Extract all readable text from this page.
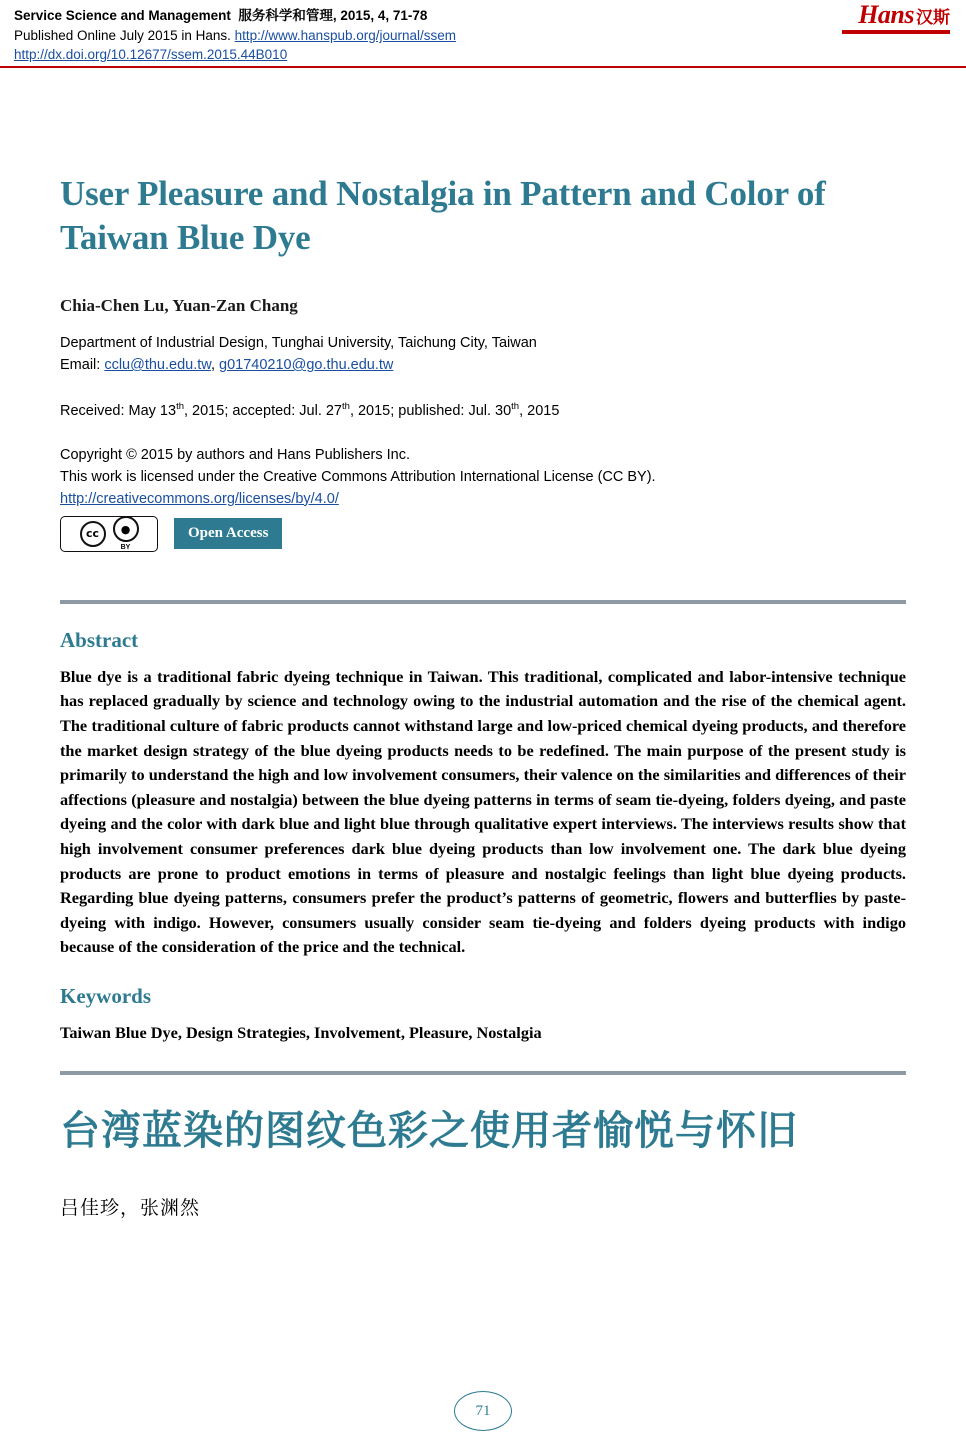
Hans 汉斯
Service Science and Management 服务科学和管理, 2015, 4, 71-78
Published Online July 2015 in Hans. http://www.hanspub.org/journal/ssem
http://dx.doi.org/10.12677/ssem.2015.44B010
User Pleasure and Nostalgia in Pattern and Color of Taiwan Blue Dye
Chia-Chen Lu, Yuan-Zan Chang
Department of Industrial Design, Tunghai University, Taichung City, Taiwan
Email: cclu@thu.edu.tw, g01740210@go.thu.edu.tw
Received: May 13th, 2015; accepted: Jul. 27th, 2015; published: Jul. 30th, 2015
Copyright © 2015 by authors and Hans Publishers Inc.
This work is licensed under the Creative Commons Attribution International License (CC BY).
http://creativecommons.org/licenses/by/4.0/
cc	●
BY
Open Access
Abstract
Blue dye is a traditional fabric dyeing technique in Taiwan. This traditional, complicated and labor-intensive technique has replaced gradually by science and technology owing to the industrial automation and the rise of the chemical agent. The traditional culture of fabric products cannot withstand large and low-priced chemical dyeing products, and therefore the market design strategy of the blue dyeing products needs to be redefined. The main purpose of the present study is primarily to understand the high and low involvement consumers, their valence on the similarities and differences of their affections (pleasure and nostalgia) between the blue dyeing patterns in terms of seam tie-dyeing, folders dyeing, and paste dyeing and the color with dark blue and light blue through qualitative expert interviews. The interviews results show that high involvement consumer preferences dark blue dyeing products than low involvement one. The dark blue dyeing products are prone to product emotions in terms of pleasure and nostalgic feelings than light blue dyeing products. Regarding blue dyeing patterns, consumers prefer the product’s patterns of geometric, flowers and butterflies by paste-dyeing with indigo. However, consumers usually consider seam tie-dyeing and folders dyeing products with indigo because of the consideration of the price and the technical.
Keywords
Taiwan Blue Dye, Design Strategies, Involvement, Pleasure, Nostalgia
台湾蓝染的图纹色彩之使用者愉悦与怀旧
吕佳珍，张渊然
71
